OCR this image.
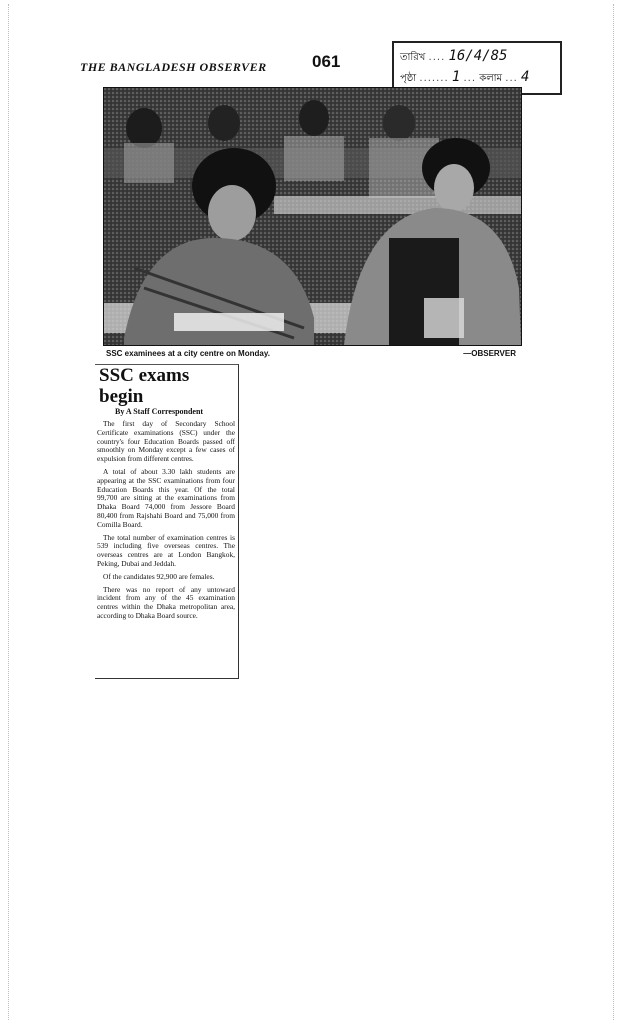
THE BANGLADESH OBSERVER	061	তারিখ .... 16/4/85
পৃষ্ঠা ....... 1 ... কলাম ... 4
SSC examinees at a city centre on Monday.	—OBSERVER
SSC exams
begin
By A Staff Correspondent

The first day of Secondary School Certificate examinations (SSC) under the country's four Education Boards passed off smoothly on Monday except a few cases of expulsion from different centres.

A total of about 3.30 lakh students are appearing at the SSC examinations from four Education Boards this year. Of the total 99,700 are sitting at the examinations from Dhaka Board 74,000 from Jessore Board 80,400 from Rajshahi Board and 75,000 from Comilla Board.

The total number of examination centres is 539 including five overseas centres. The overseas centres are at London Bangkok, Peking, Dubai and Jeddah.

Of the candidates 92,900 are females.

There was no report of any untoward incident from any of the 45 examination centres within the Dhaka metropolitan area, according to Dhaka Board source.
